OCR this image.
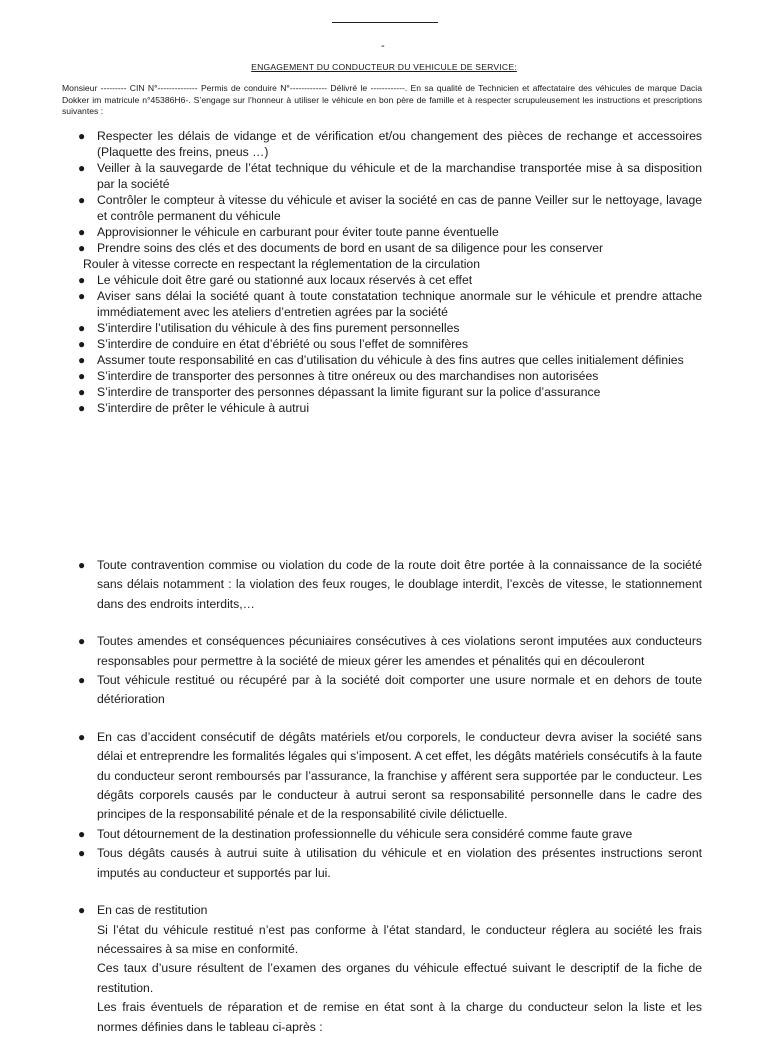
-
ENGAGEMENT DU CONDUCTEUR DU VEHICULE DE SERVICE:
Monsieur --------- CIN N°-------------- Permis de conduire N°------------- Délivré le ------------. En sa qualité de Technicien et affectataire des véhicules de marque Dacia Dokker im matricule n°45386H6-. S’engage sur l’honneur à utiliser le véhicule en bon père de famille et à respecter scrupuleusement les instructions et prescriptions suivantes :
● Respecter les délais de vidange et de vérification et/ou changement des pièces de rechange et accessoires (Plaquette des freins, pneus …)
● Veiller à la sauvegarde de l’état technique du véhicule et de la marchandise transportée mise à sa disposition par la société
● Contrôler le compteur à vitesse du véhicule et aviser la société en cas de panne Veiller sur le nettoyage, lavage et contrôle permanent du véhicule
● Approvisionner le véhicule en carburant pour éviter toute panne éventuelle
● Prendre soins des clés et des documents de bord en usant de sa diligence pour les conserver
Rouler à vitesse correcte en respectant la réglementation de la circulation
● Le véhicule doit être garé ou stationné aux locaux réservés à cet effet
● Aviser sans délai la société quant à toute constatation technique anormale sur le véhicule et prendre attache immédiatement avec les ateliers d’entretien agrées par la société
● S’interdire l’utilisation du véhicule à des fins purement personnelles
● S’interdire de conduire en état d’ébriété ou sous l’effet de somnifères
● Assumer toute responsabilité en cas d’utilisation du véhicule à des fins autres que celles initialement définies
● S’interdire de transporter des personnes à titre onéreux ou des marchandises non autorisées
● S’interdire de transporter des personnes dépassant la limite figurant sur la police d’assurance
● S’interdire de prêter le véhicule à autrui
● Toute contravention commise ou violation du code de la route doit être portée à la connaissance de la société sans délais notamment : la violation des feux rouges, le doublage interdit, l’excès de vitesse, le stationnement dans des endroits interdits,…
● Toutes amendes et conséquences pécuniaires consécutives à ces violations seront imputées aux conducteurs responsables pour permettre à la société de mieux gérer les amendes et pénalités qui en découleront
● Tout véhicule restitué ou récupéré par à la société doit comporter une usure normale et en dehors de toute détérioration
● En cas d’accident consécutif de dégâts matériels et/ou corporels, le conducteur devra aviser la société sans délai et entreprendre les formalités légales qui s’imposent. A cet effet, les dégâts matériels consécutifs à la faute du conducteur seront remboursés par l’assurance, la franchise y afférent sera supportée par le conducteur. Les dégâts corporels causés par le conducteur à autrui seront sa responsabilité personnelle dans le cadre des principes de la responsabilité pénale et de la responsabilité civile délictuelle.
● Tout détournement de la destination professionnelle du véhicule sera considéré comme faute grave
● Tous dégâts causés à autrui suite à utilisation du véhicule et en violation des présentes instructions seront imputés au conducteur et supportés par lui.
● En cas de restitution
Si l’état du véhicule restitué n’est pas conforme à l’état standard, le conducteur réglera au société les frais nécessaires à sa mise en conformité.
Ces taux d’usure résultent de l’examen des organes du véhicule effectué suivant le descriptif de la fiche de restitution.
Les frais éventuels de réparation et de remise en état sont à la charge du conducteur selon la liste et les normes définies dans le tableau ci-après :
